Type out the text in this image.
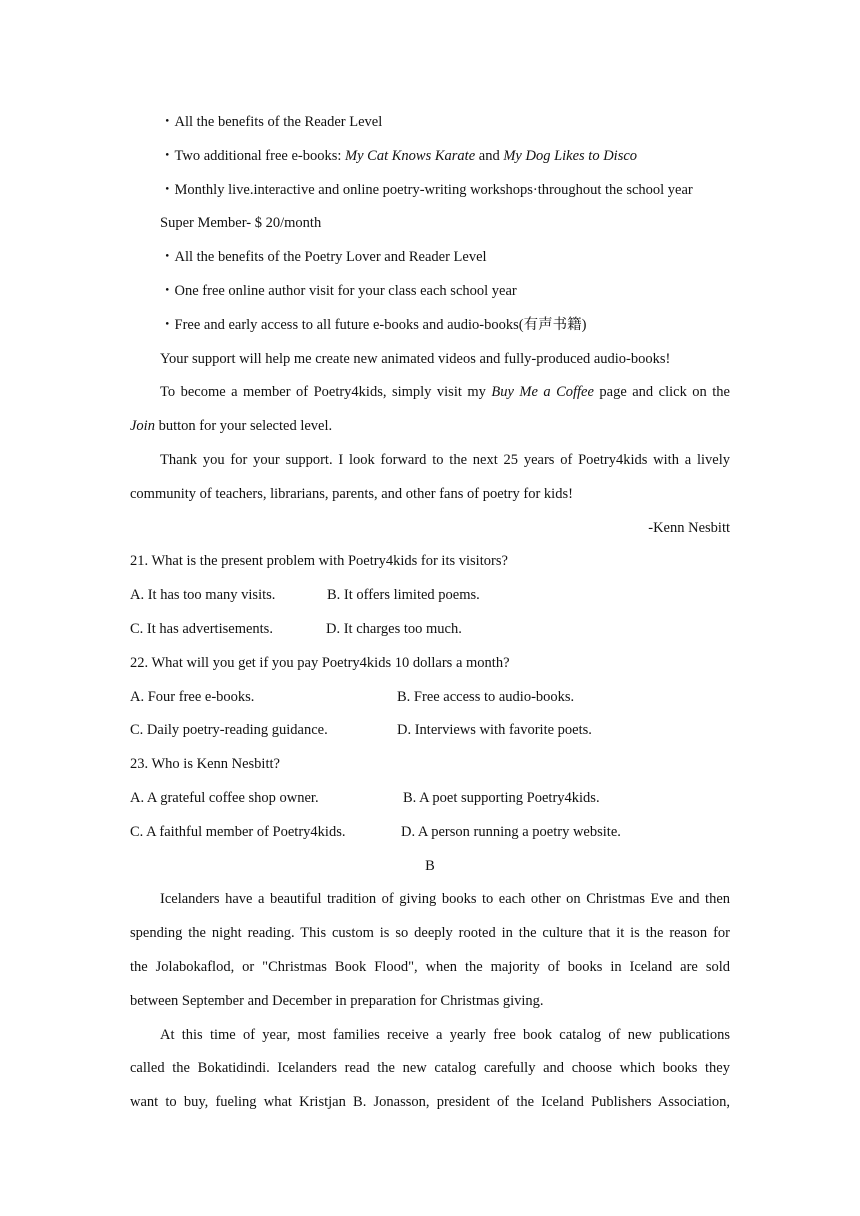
・All the benefits of the Reader Level
・Two additional free e-books: My Cat Knows Karate and My Dog Likes to Disco
・Monthly live.interactive and online poetry-writing workshops·throughout the school year
Super Member- $ 20/month
・All the benefits of the Poetry Lover and Reader Level
・One free online author visit for your class each school year
・Free and early access to all future e-books and audio-books(有声书籍)
Your support will help me create new animated videos and fully-produced audio-books!
To become a member of Poetry4kids, simply visit my Buy Me a Coffee page and click on the
Join button for your selected level.
Thank you for your support. I look forward to the next 25 years of Poetry4kids with a lively
community of teachers, librarians, parents, and other fans of poetry for kids!
-Kenn Nesbitt
21. What is the present problem with Poetry4kids for its visitors?
A. It has too many visits.	B. It offers limited poems.
C. It has advertisements.	D. It charges too much.
22. What will you get if you pay Poetry4kids 10 dollars a month?
A. Four free e-books.	B. Free access to audio-books.
C. Daily poetry-reading guidance.	D. Interviews with favorite poets.
23. Who is Kenn Nesbitt?
A. A grateful coffee shop owner.	B. A poet supporting Poetry4kids.
C. A faithful member of Poetry4kids.	D. A person running a poetry website.
B
Icelanders have a beautiful tradition of giving books to each other on Christmas Eve and then
spending the night reading. This custom is so deeply rooted in the culture that it is the reason for
the Jolabokaflod, or "Christmas Book Flood", when the majority of books in Iceland are sold
between September and December in preparation for Christmas giving.
At this time of year, most families receive a yearly free book catalog of new publications
called the Bokatidindi. Icelanders read the new catalog carefully and choose which books they
want to buy, fueling what Kristjan B. Jonasson, president of the Iceland Publishers Association,
